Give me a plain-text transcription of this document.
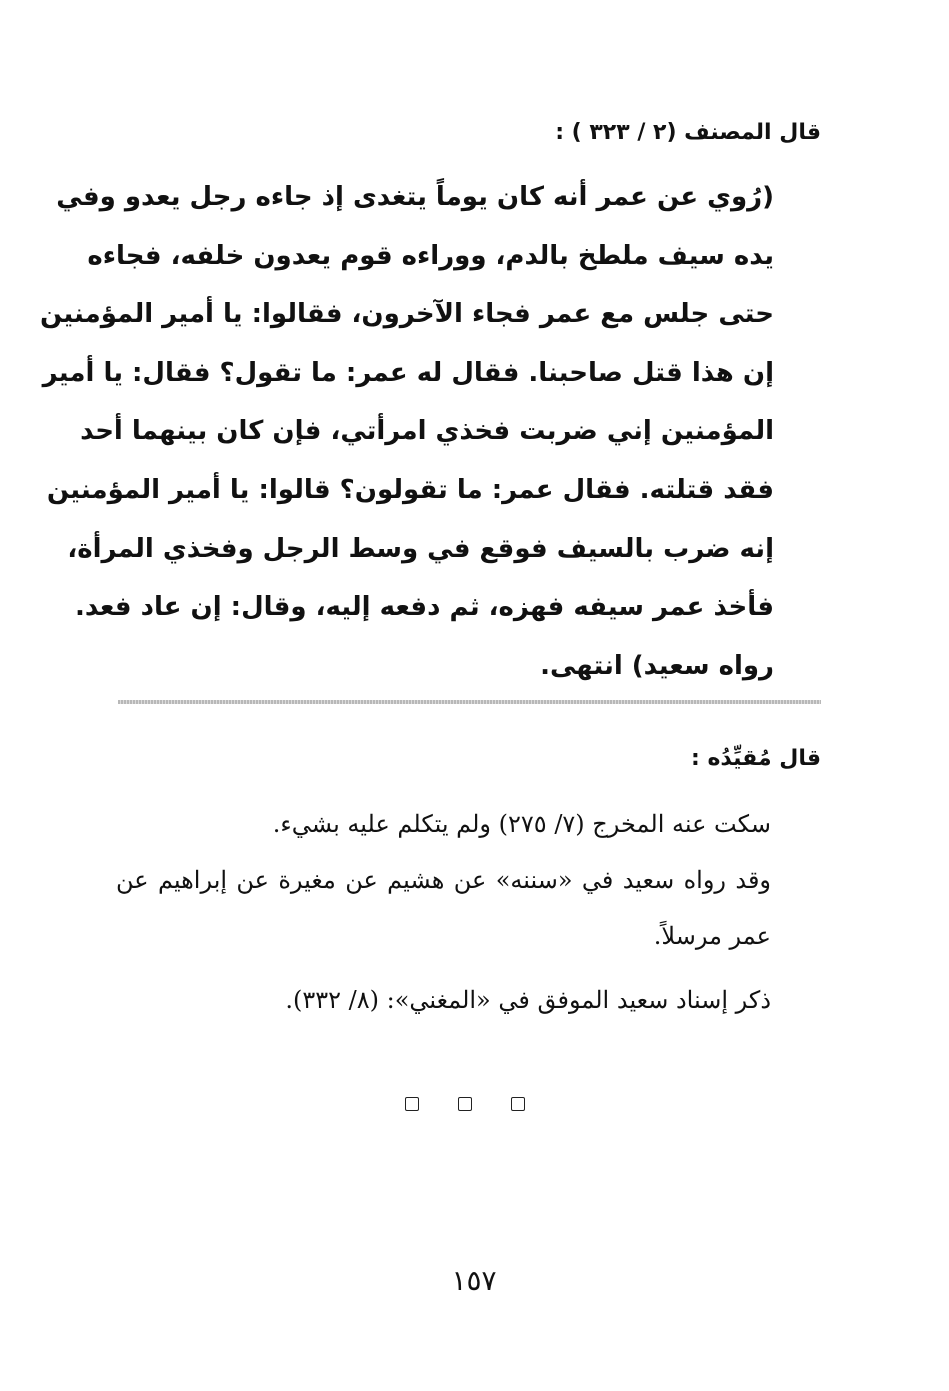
قال المصنف (٢ / ٣٢٣ ) :
(رُوي عن عمر أنه كان يوماً يتغدى إذ جاءه رجل يعدو وفي
يده سيف ملطخ بالدم، ووراءه قوم يعدون خلفه، فجاءه
حتى جلس مع عمر فجاء الآخرون، فقالوا: يا أمير المؤمنين
إن هذا قتل صاحبنا. فقال له عمر: ما تقول؟ فقال: يا أمير
المؤمنين إني ضربت فخذي امرأتي، فإن كان بينهما أحد
فقد قتلته. فقال عمر: ما تقولون؟ قالوا: يا أمير المؤمنين
إنه ضرب بالسيف فوقع في وسط الرجل وفخذي المرأة،
فأخذ عمر سيفه فهزه، ثم دفعه إليه، وقال: إن عاد فعد.
رواه سعيد) انتهى.
قال مُقيِّدُه :

سكت عنه المخرج (٧/ ٢٧٥) ولم يتكلم عليه بشيء.

وقد رواه سعيد في «سننه» عن هشيم عن مغيرة عن إبراهيم عن عمر مرسلاً.

ذكر إسناد سعيد الموفق في «المغني»: (٨/ ٣٣٢).

١٥٧
